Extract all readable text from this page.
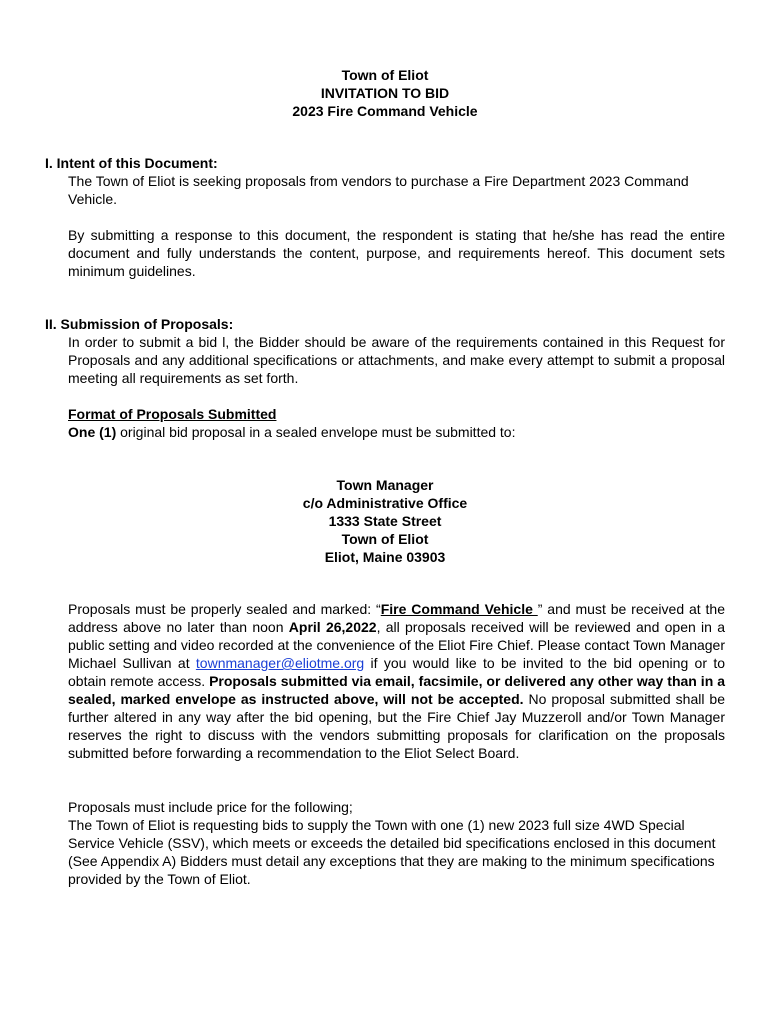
Town of Eliot
INVITATION TO BID
2023 Fire Command Vehicle
I. Intent of this Document:
The Town of Eliot is seeking proposals from vendors to purchase a Fire Department 2023 Command Vehicle.
By submitting a response to this document, the respondent is stating that he/she has read the entire document and fully understands the content, purpose, and requirements hereof. This document sets minimum guidelines.
II. Submission of Proposals:
In order to submit a bid l, the Bidder should be aware of the requirements contained in this Request for Proposals and any additional specifications or attachments, and make every attempt to submit a proposal meeting all requirements as set forth.
Format of Proposals Submitted
One (1) original bid proposal in a sealed envelope must be submitted to:
Town Manager
c/o Administrative Office
1333 State Street
Town of Eliot
Eliot, Maine 03903
Proposals must be properly sealed and marked: “Fire Command Vehicle ” and must be received at the address above no later than noon April 26,2022, all proposals received will be reviewed and open in a public setting and video recorded at the convenience of the Eliot Fire Chief. Please contact Town Manager Michael Sullivan at townmanager@eliotme.org if you would like to be invited to the bid opening or to obtain remote access. Proposals submitted via email, facsimile, or delivered any other way than in a sealed, marked envelope as instructed above, will not be accepted. No proposal submitted shall be further altered in any way after the bid opening, but the Fire Chief Jay Muzzeroll and/or Town Manager reserves the right to discuss with the vendors submitting proposals for clarification on the proposals submitted before forwarding a recommendation to the Eliot Select Board.
Proposals must include price for the following;
The Town of Eliot is requesting bids to supply the Town with one (1) new 2023 full size 4WD Special Service Vehicle (SSV), which meets or exceeds the detailed bid specifications enclosed in this document (See Appendix A) Bidders must detail any exceptions that they are making to the minimum specifications provided by the Town of Eliot.
